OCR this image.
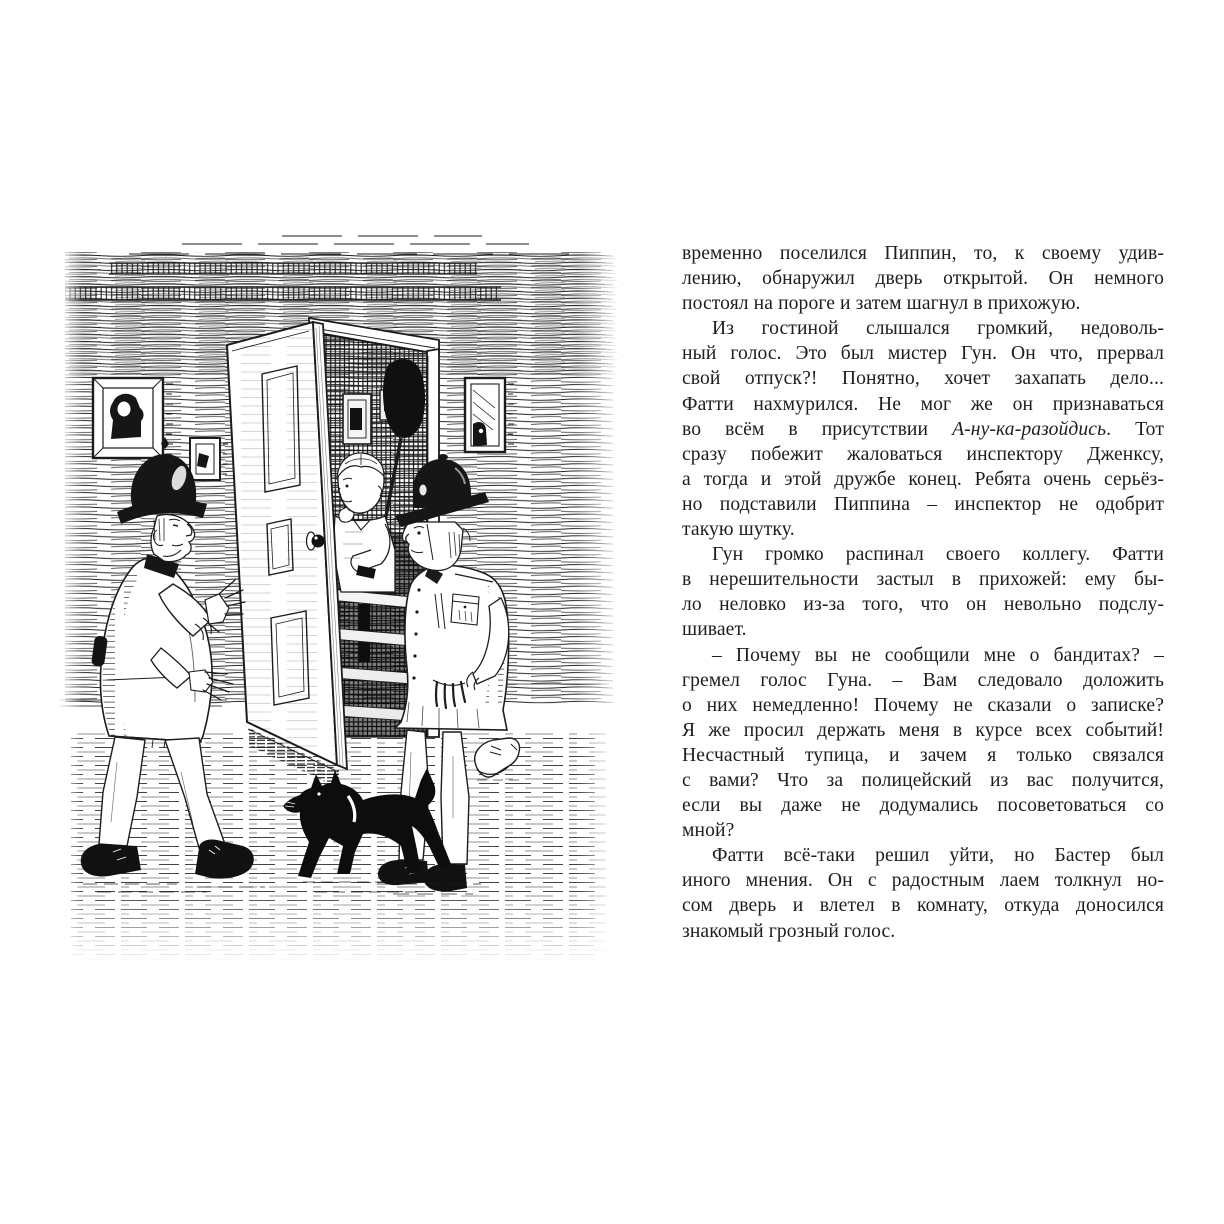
временно поселился Пиппин, то, к своему удив-
лению, обнаружил дверь открытой. Он немного
постоял на пороге и затем шагнул в прихожую.
Из гостиной слышался громкий, недоволь-
ный голос. Это был мистер Гун. Он что, прервал
свой отпуск?! Понятно, хочет захапать дело...
Фатти нахмурился. Не мог же он признаваться
во всём в присутствии А-ну-ка-разойдись. Тот
сразу побежит жаловаться инспектору Дженксу,
а тогда и этой дружбе конец. Ребята очень серьёз-
но подставили Пиппина – инспектор не одобрит
такую шутку.
Гун громко распинал своего коллегу. Фатти
в нерешительности застыл в прихожей: ему бы-
ло неловко из-за того, что он невольно подслу-
шивает.
– Почему вы не сообщили мне о бандитах? –
гремел голос Гуна. – Вам следовало доложить
о них немедленно! Почему не сказали о записке?
Я же просил держать меня в курсе всех событий!
Несчастный тупица, и зачем я только связался
с вами? Что за полицейский из вас получится,
если вы даже не додумались посоветоваться со
мной?
Фатти всё-таки решил уйти, но Бастер был
иного мнения. Он с радостным лаем толкнул но-
сом дверь и влетел в комнату, откуда доносился
знакомый грозный голос.
